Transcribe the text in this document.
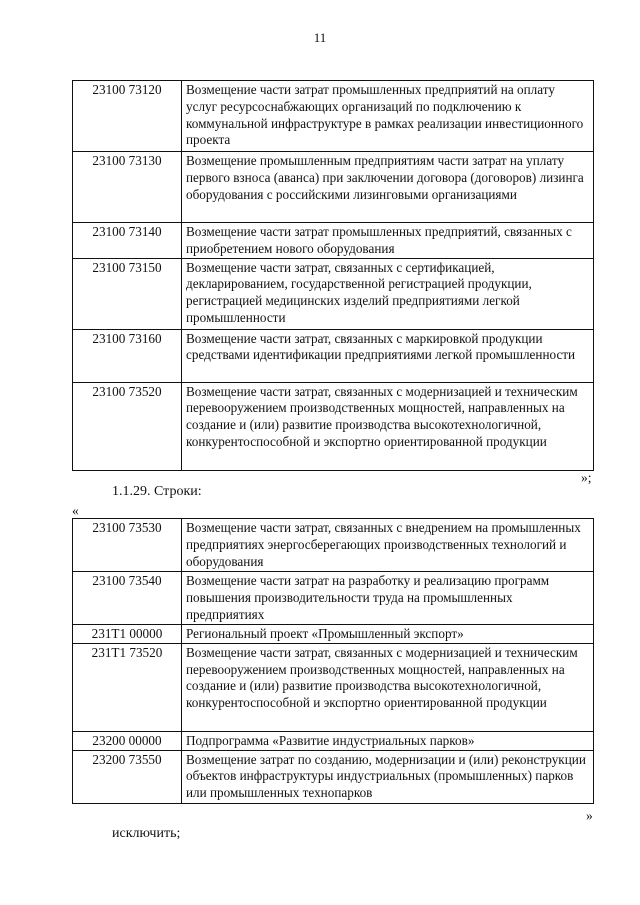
11
23100 73120	Возмещение части затрат промышленных предприятий на оплату услуг ресурсоснабжающих организаций по подключению к коммунальной инфраструктуре в рамках реализации инвестиционного проекта
23100 73130	Возмещение промышленным предприятиям части затрат на уплату первого взноса (аванса) при заключении договора (договоров) лизинга оборудования с российскими лизинговыми организациями
23100 73140	Возмещение части затрат промышленных предприятий, связанных с приобретением нового оборудования
23100 73150	Возмещение части затрат, связанных с сертификацией, декларированием, государственной регистрацией продукции, регистрацией медицинских изделий предприятиями легкой промышленности
23100 73160	Возмещение части затрат, связанных с маркировкой продукции средствами идентификации предприятиями легкой промышленности
23100 73520	Возмещение части затрат, связанных с модернизацией и техническим перевооружением производственных мощностей, направленных на создание и (или) развитие производства высокотехнологичной, конкурентоспособной и экспортно ориентированной продукции
»;
1.1.29. Строки:
«
23100 73530	Возмещение части затрат, связанных с внедрением на промышленных предприятиях энергосберегающих производственных технологий и оборудования
23100 73540	Возмещение части затрат на разработку и реализацию программ повышения производительности труда на промышленных предприятиях
231T1 00000	Региональный проект «Промышленный экспорт»
231T1 73520	Возмещение части затрат, связанных с модернизацией и техническим перевооружением производственных мощностей, направленных на создание и (или) развитие производства высокотехнологичной, конкурентоспособной и экспортно ориентированной продукции
23200 00000	Подпрограмма «Развитие индустриальных парков»
23200 73550	Возмещение затрат по созданию, модернизации и (или) реконструкции объектов инфраструктуры индустриальных (промышленных) парков или промышленных технопарков
»
исключить;
